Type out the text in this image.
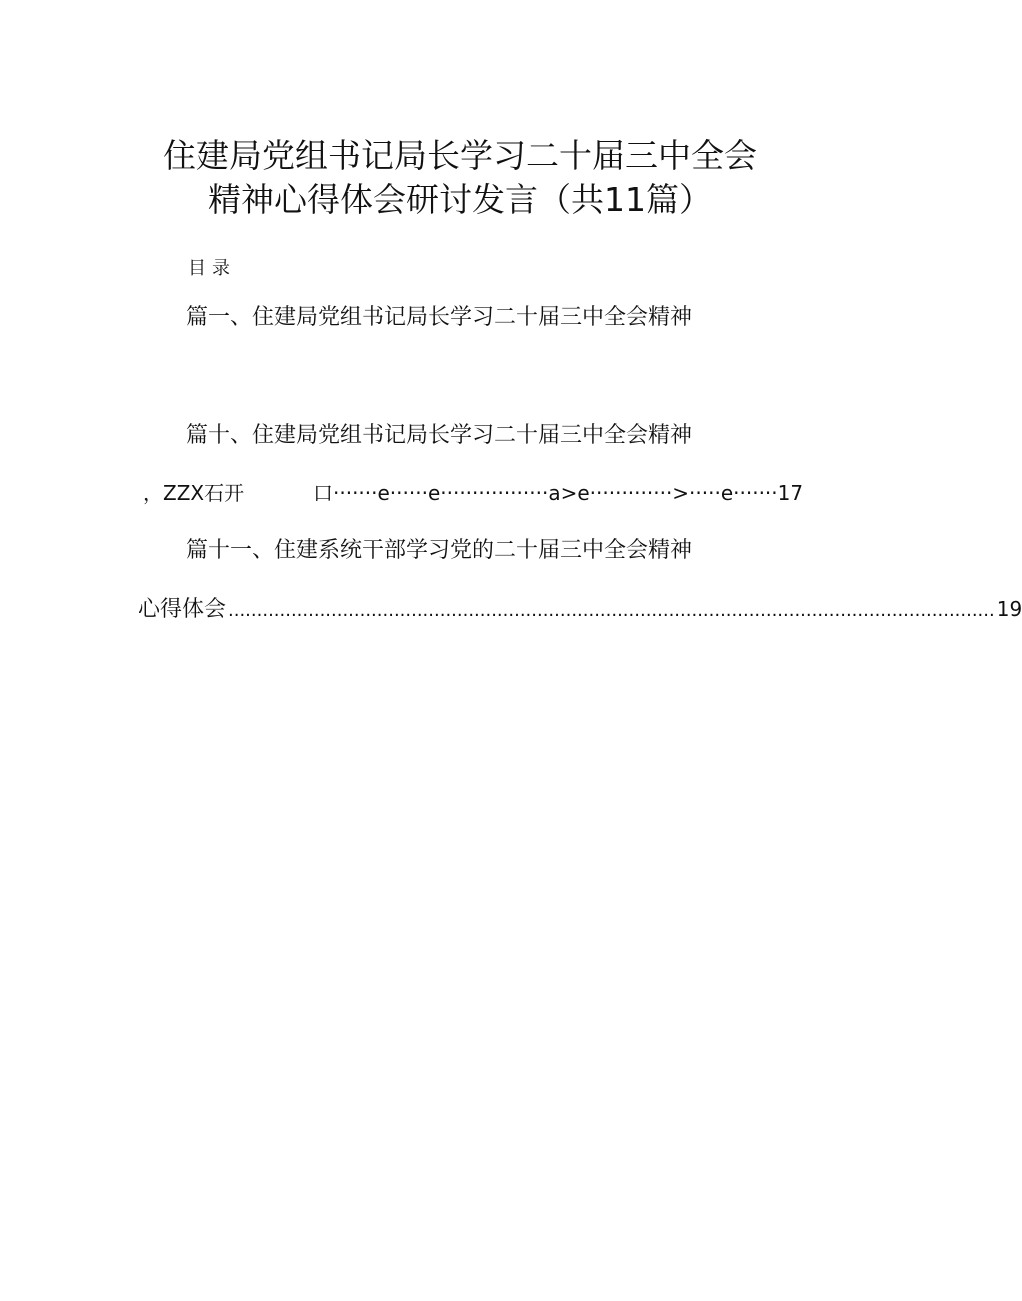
住建局党组书记局长学习二十届三中全会
精神心得体会研讨发言（共11篇）
目录
篇一、住建局党组书记局长学习二十届三中全会精神
篇十、住建局党组书记局长学习二十届三中全会精神
，ZZX石开	口·······e······e·················a>e·············>·····e·······17
篇十一、住建系统干部学习党的二十届三中全会精神
心得体会 ...................................................................................................................................... 19
